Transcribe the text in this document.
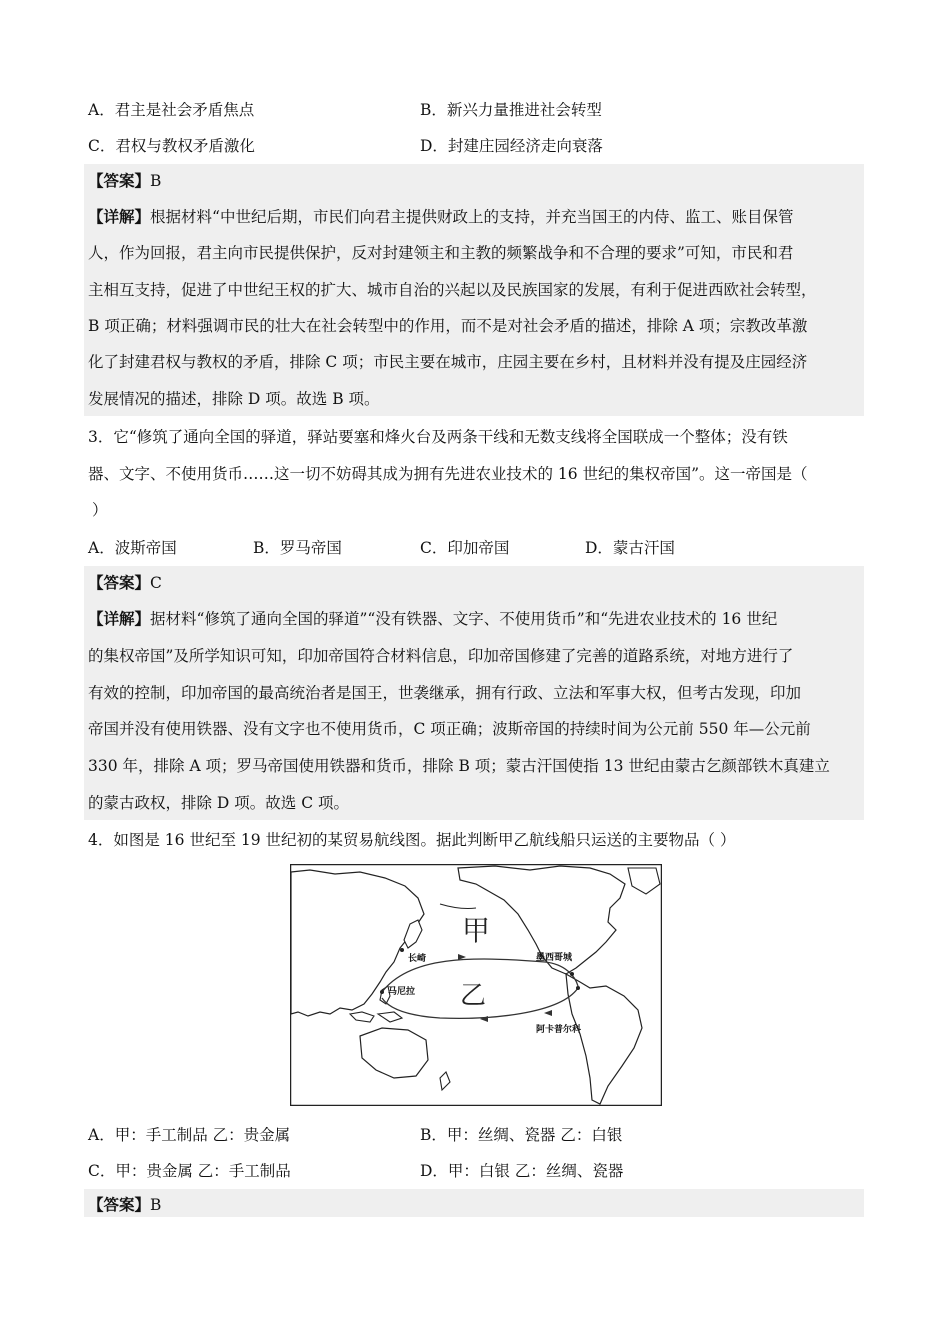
A．君主是社会矛盾焦点	B．新兴力量推进社会转型
C．君权与教权矛盾激化	D．封建庄园经济走向衰落
【答案】B
【详解】根据材料“中世纪后期，市民们向君主提供财政上的支持，并充当国王的内侍、监工、账目保管
人，作为回报，君主向市民提供保护，反对封建领主和主教的频繁战争和不合理的要求”可知，市民和君
主相互支持，促进了中世纪王权的扩大、城市自治的兴起以及民族国家的发展，有利于促进西欧社会转型，
B 项正确；材料强调市民的壮大在社会转型中的作用，而不是对社会矛盾的描述，排除 A 项；宗教改革激
化了封建君权与教权的矛盾，排除 C 项；市民主要在城市，庄园主要在乡村，且材料并没有提及庄园经济
发展情况的描述，排除 D 项。故选 B 项。
3．它“修筑了通向全国的驿道，驿站要塞和烽火台及两条干线和无数支线将全国联成一个整体；没有铁
器、文字、不使用货币……这一切不妨碍其成为拥有先进农业技术的 16 世纪的集权帝国”。这一帝国是（
）
A．波斯帝国	B．罗马帝国	C．印加帝国	D．蒙古汗国
【答案】C
【详解】据材料“修筑了通向全国的驿道”“没有铁器、文字、不使用货币”和“先进农业技术的 16 世纪
的集权帝国”及所学知识可知，印加帝国符合材料信息，印加帝国修建了完善的道路系统，对地方进行了
有效的控制，印加帝国的最高统治者是国王，世袭继承，拥有行政、立法和军事大权，但考古发现，印加
帝国并没有使用铁器、没有文字也不使用货币，C 项正确；波斯帝国的持续时间为公元前 550 年—公元前
330 年，排除 A 项；罗马帝国使用铁器和货币，排除 B 项；蒙古汗国使指 13 世纪由蒙古乞颜部铁木真建立
的蒙古政权，排除 D 项。故选 C 项。
4．如图是 16 世纪至 19 世纪初的某贸易航线图。据此判断甲乙航线船只运送的主要物品（ ）
甲
乙
长崎
马尼拉
墨西哥城
阿卡普尔科
A．甲：手工制品 乙：贵金属	B．甲：丝绸、瓷器 乙：白银
C．甲：贵金属 乙：手工制品	D．甲：白银 乙：丝绸、瓷器
【答案】B
